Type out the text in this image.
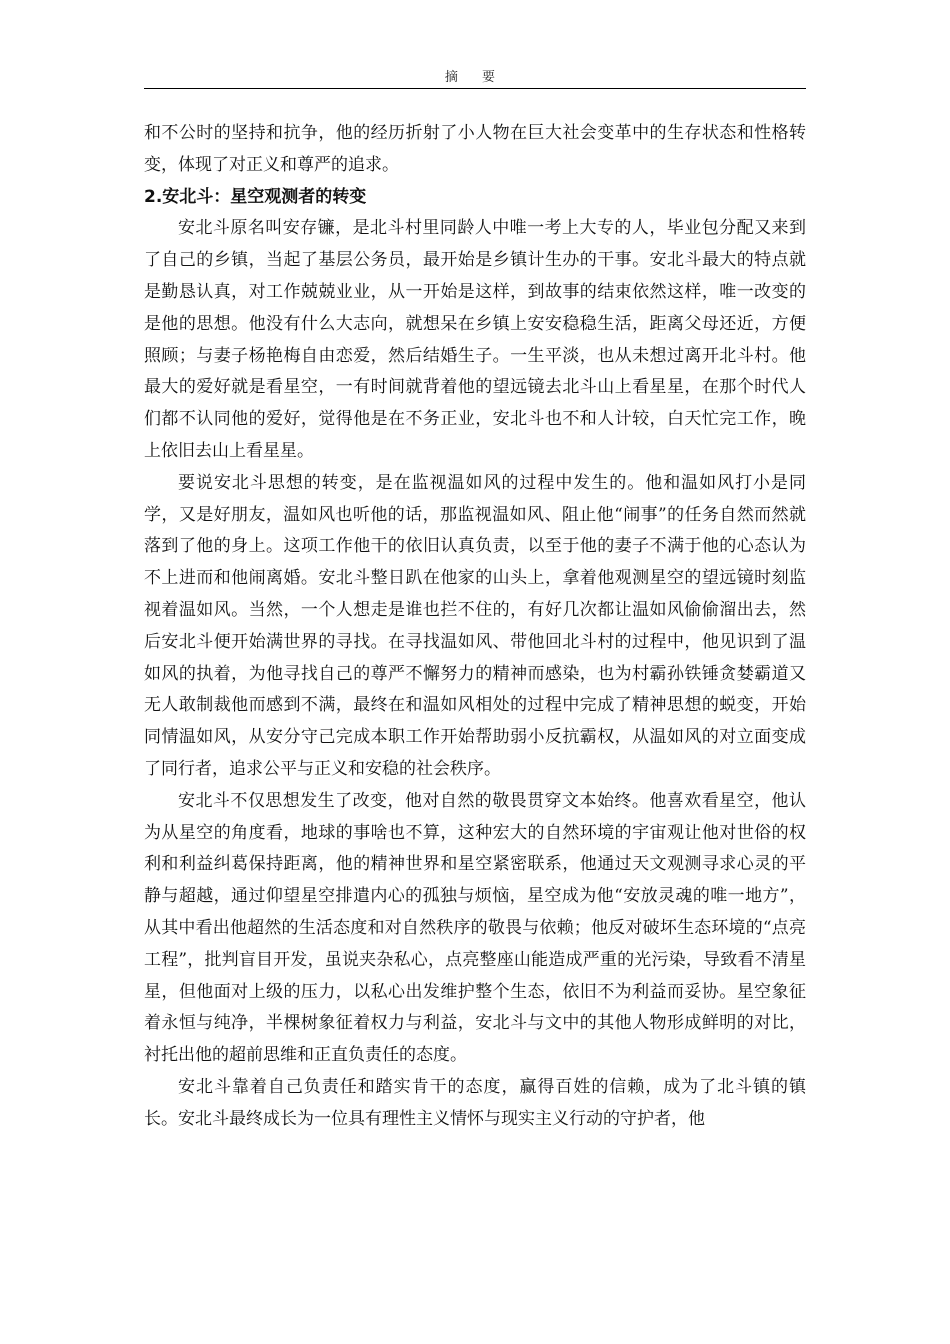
摘 要

和不公时的坚持和抗争，他的经历折射了小人物在巨大社会变革中的生存状态和性格转变，体现了对正义和尊严的追求。

2.安北斗：星空观测者的转变

安北斗原名叫安存镰，是北斗村里同龄人中唯一考上大专的人，毕业包分配又来到了自己的乡镇，当起了基层公务员，最开始是乡镇计生办的干事。安北斗最大的特点就是勤恳认真，对工作兢兢业业，从一开始是这样，到故事的结束依然这样，唯一改变的是他的思想。他没有什么大志向，就想呆在乡镇上安安稳稳生活，距离父母还近，方便照顾；与妻子杨艳梅自由恋爱，然后结婚生子。一生平淡，也从未想过离开北斗村。他最大的爱好就是看星空，一有时间就背着他的望远镜去北斗山上看星星，在那个时代人们都不认同他的爱好，觉得他是在不务正业，安北斗也不和人计较，白天忙完工作，晚上依旧去山上看星星。

要说安北斗思想的转变，是在监视温如风的过程中发生的。他和温如风打小是同学，又是好朋友，温如风也听他的话，那监视温如风、阻止他“闹事”的任务自然而然就落到了他的身上。这项工作他干的依旧认真负责，以至于他的妻子不满于他的心态认为不上进而和他闹离婚。安北斗整日趴在他家的山头上，拿着他观测星空的望远镜时刻监视着温如风。当然，一个人想走是谁也拦不住的，有好几次都让温如风偷偷溜出去，然后安北斗便开始满世界的寻找。在寻找温如风、带他回北斗村的过程中，他见识到了温如风的执着，为他寻找自己的尊严不懈努力的精神而感染，也为村霸孙铁锤贪婪霸道又无人敢制裁他而感到不满，最终在和温如风相处的过程中完成了精神思想的蜕变，开始同情温如风，从安分守己完成本职工作开始帮助弱小反抗霸权，从温如风的对立面变成了同行者，追求公平与正义和安稳的社会秩序。

安北斗不仅思想发生了改变，他对自然的敬畏贯穿文本始终。他喜欢看星空，他认为从星空的角度看，地球的事啥也不算，这种宏大的自然环境的宇宙观让他对世俗的权利和利益纠葛保持距离，他的精神世界和星空紧密联系，他通过天文观测寻求心灵的平静与超越，通过仰望星空排遣内心的孤独与烦恼，星空成为他“安放灵魂的唯一地方”，从其中看出他超然的生活态度和对自然秩序的敬畏与依赖；他反对破坏生态环境的“点亮工程”，批判盲目开发，虽说夹杂私心，点亮整座山能造成严重的光污染，导致看不清星星，但他面对上级的压力，以私心出发维护整个生态，依旧不为利益而妥协。星空象征着永恒与纯净，半棵树象征着权力与利益，安北斗与文中的其他人物形成鲜明的对比，衬托出他的超前思维和正直负责任的态度。

安北斗靠着自己负责任和踏实肯干的态度，赢得百姓的信赖，成为了北斗镇的镇长。安北斗最终成长为一位具有理性主义情怀与现实主义行动的守护者，他
